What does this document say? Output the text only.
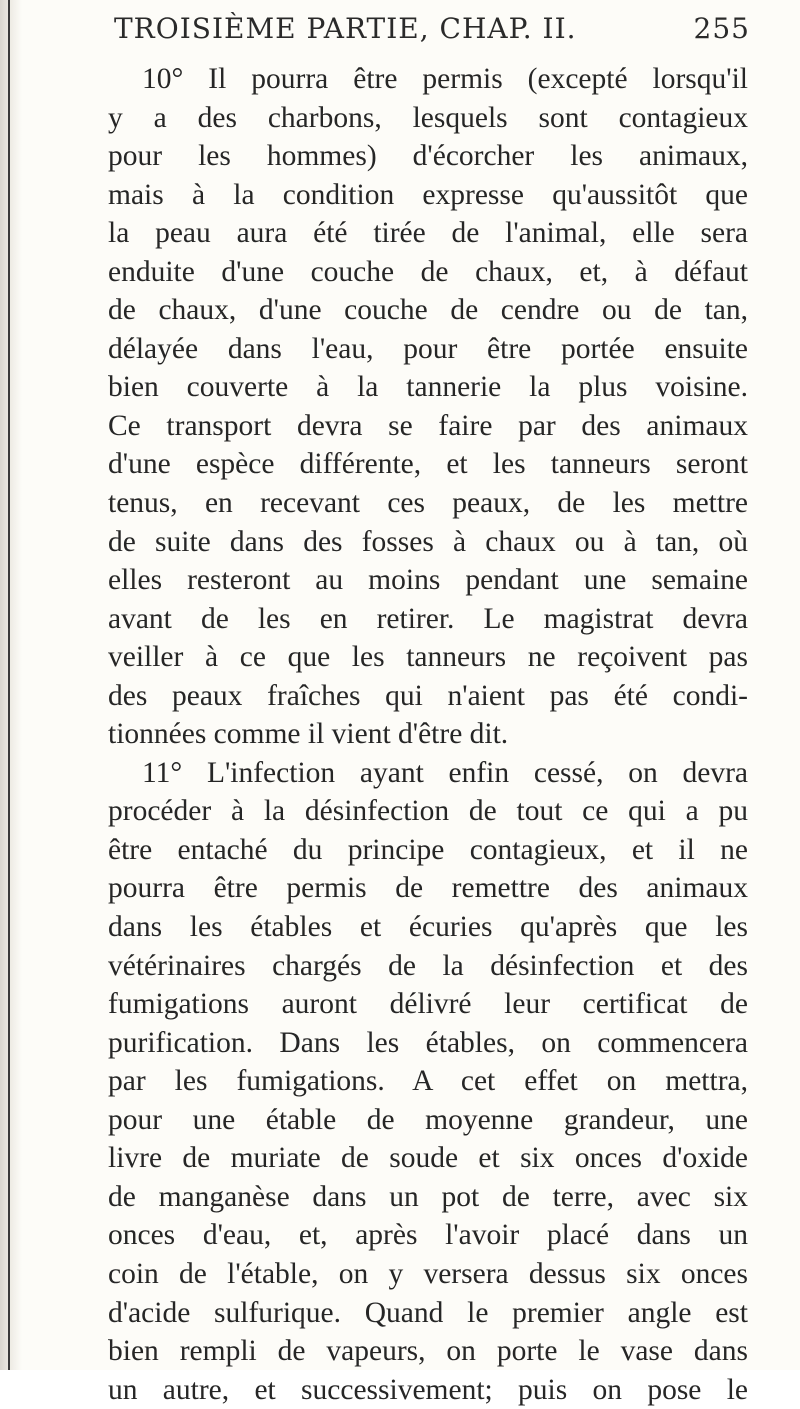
TROISIÈME PARTIE, CHAP. II.	255
10° Il pourra être permis (excepté lorsqu'il
y a des charbons, lesquels sont contagieux
pour les hommes) d'écorcher les animaux,
mais à la condition expresse qu'aussitôt que
la peau aura été tirée de l'animal, elle sera
enduite d'une couche de chaux, et, à défaut
de chaux, d'une couche de cendre ou de tan,
délayée dans l'eau, pour être portée ensuite
bien couverte à la tannerie la plus voisine.
Ce transport devra se faire par des animaux
d'une espèce différente, et les tanneurs seront
tenus, en recevant ces peaux, de les mettre
de suite dans des fosses à chaux ou à tan, où
elles resteront au moins pendant une semaine
avant de les en retirer. Le magistrat devra
veiller à ce que les tanneurs ne reçoivent pas
des peaux fraîches qui n'aient pas été condi-
tionnées comme il vient d'être dit.
11° L'infection ayant enfin cessé, on devra
procéder à la désinfection de tout ce qui a pu
être entaché du principe contagieux, et il ne
pourra être permis de remettre des animaux
dans les étables et écuries qu'après que les
vétérinaires chargés de la désinfection et des
fumigations auront délivré leur certificat de
purification. Dans les étables, on commencera
par les fumigations. A cet effet on mettra,
pour une étable de moyenne grandeur, une
livre de muriate de soude et six onces d'oxide
de manganèse dans un pot de terre, avec six
onces d'eau, et, après l'avoir placé dans un
coin de l'étable, on y versera dessus six onces
d'acide sulfurique. Quand le premier angle est
bien rempli de vapeurs, on porte le vase dans
un autre, et successivement; puis on pose le
